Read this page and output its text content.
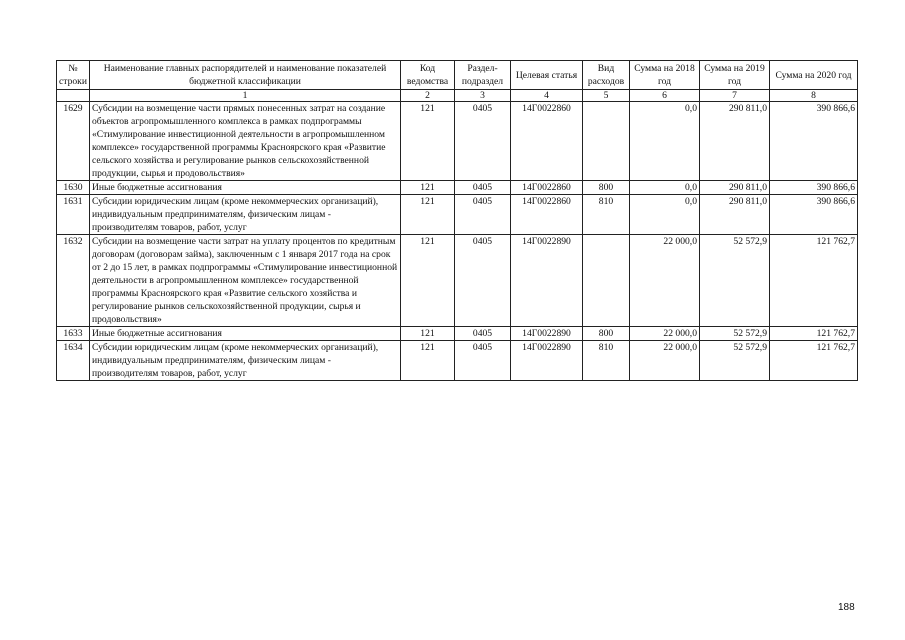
№ строки	Наименование главных распорядителей и наименование показателей бюджетной классификации	Код ведомства	Раздел-подраздел	Целевая статья	Вид расходов	Сумма на 2018 год	Сумма на 2019 год	Сумма на 2020 год
	1	2	3	4	5	6	7	8
1629	Субсидии на возмещение части прямых понесенных затрат на создание объектов агропромышленного комплекса в рамках подпрограммы «Стимулирование инвестиционной деятельности в агропромышленном комплексе» государственной программы Красноярского края «Развитие сельского хозяйства и регулирование рынков сельскохозяйственной продукции, сырья и продовольствия»	121	0405	14Г0022860		0,0	290 811,0	390 866,6
1630	Иные бюджетные ассигнования	121	0405	14Г0022860	800	0,0	290 811,0	390 866,6
1631	Субсидии юридическим лицам (кроме некоммерческих организаций), индивидуальным предпринимателям, физическим лицам - производителям товаров, работ, услуг	121	0405	14Г0022860	810	0,0	290 811,0	390 866,6
1632	Субсидии на возмещение части затрат на уплату процентов по кредитным договорам (договорам займа), заключенным с 1 января 2017 года на срок от 2 до 15 лет, в рамках подпрограммы «Стимулирование инвестиционной деятельности в агропромышленном комплексе» государственной программы Красноярского края «Развитие сельского хозяйства и регулирование рынков сельскохозяйственной продукции, сырья и продовольствия»	121	0405	14Г0022890		22 000,0	52 572,9	121 762,7
1633	Иные бюджетные ассигнования	121	0405	14Г0022890	800	22 000,0	52 572,9	121 762,7
1634	Субсидии юридическим лицам (кроме некоммерческих организаций), индивидуальным предпринимателям, физическим лицам - производителям товаров, работ, услуг	121	0405	14Г0022890	810	22 000,0	52 572,9	121 762,7
188
